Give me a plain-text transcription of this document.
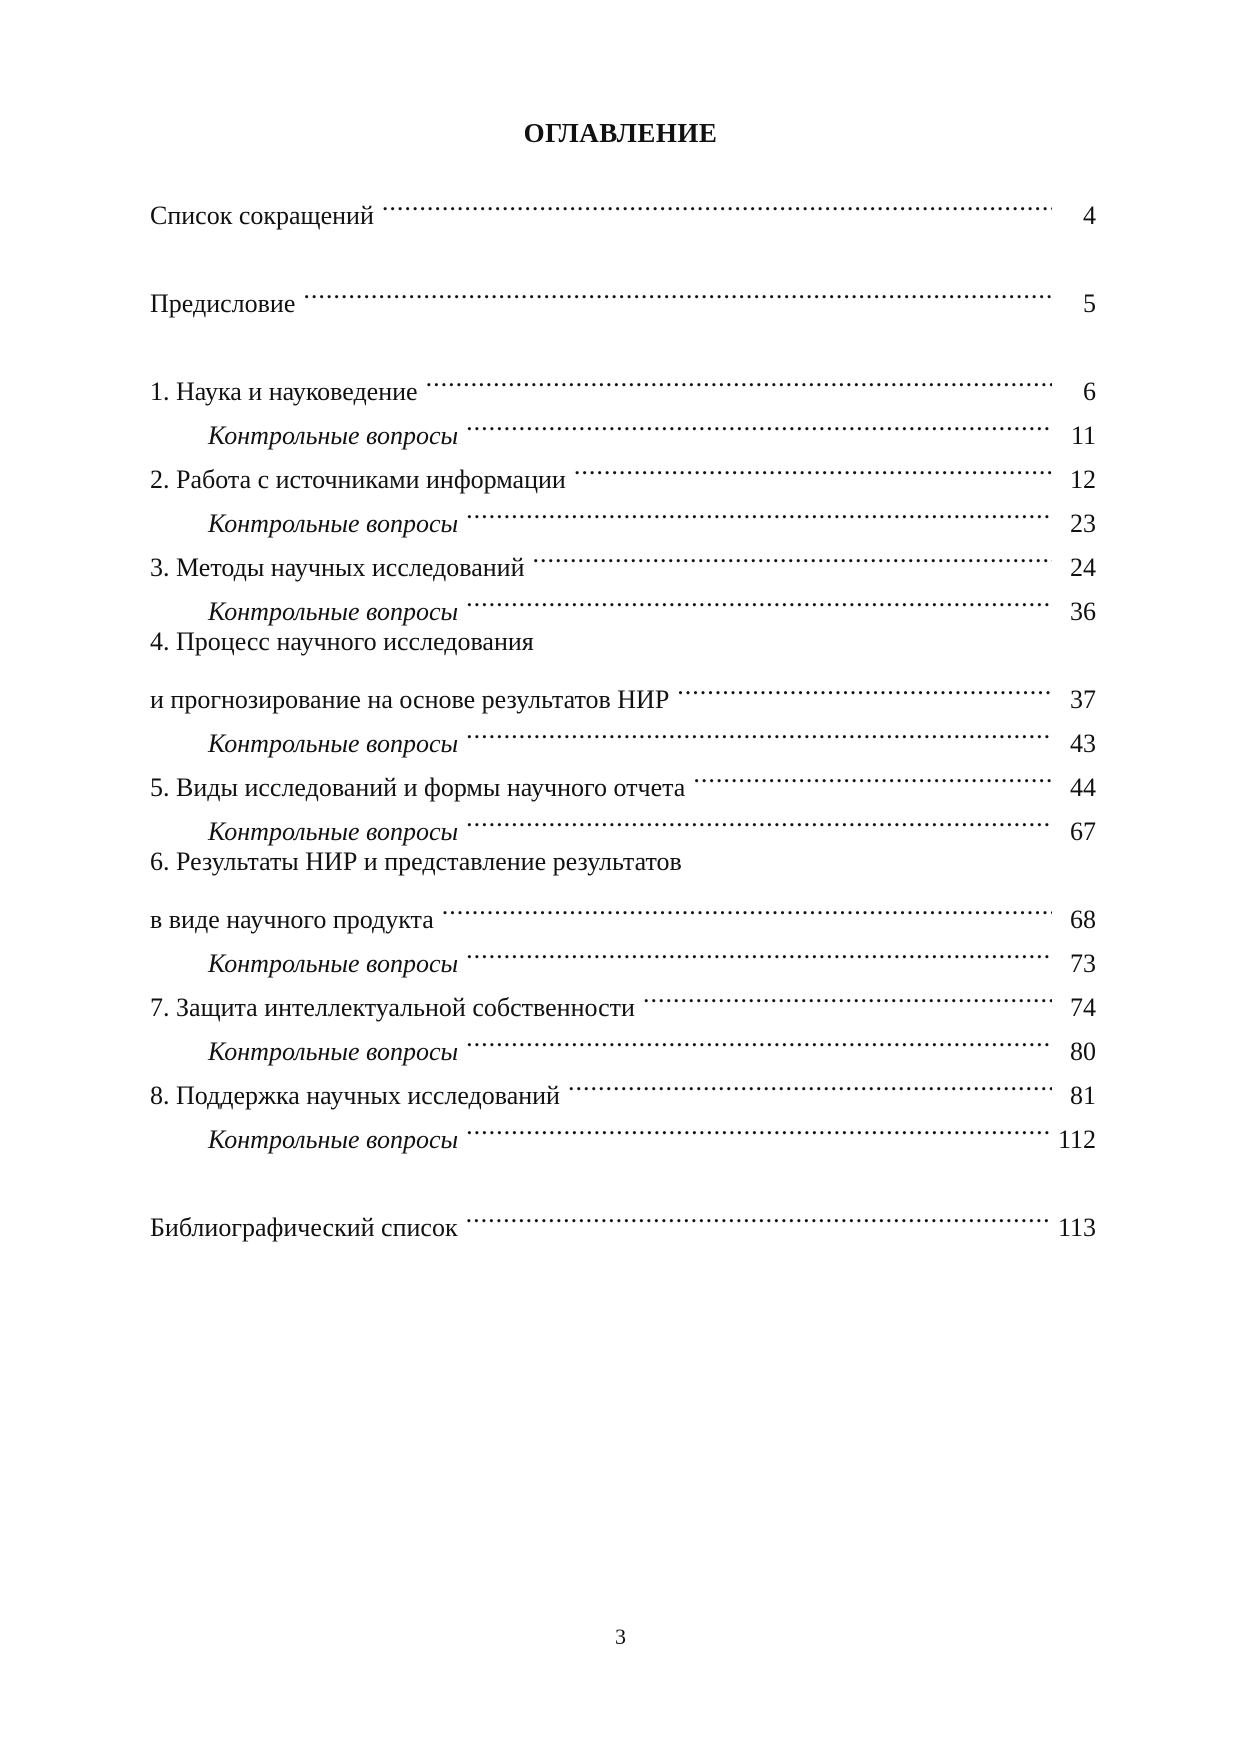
ОГЛАВЛЕНИЕ
Список сокращений .....	4
Предисловие .....	5
1. Наука и науковедение .....	6
Контрольные вопросы .....	11
2. Работа с источниками информации .....	12
Контрольные вопросы .....	23
3. Методы научных исследований .....	24
Контрольные вопросы .....	36
4. Процесс научного исследования
и прогнозирование на основе результатов НИР .....	37
Контрольные вопросы .....	43
5. Виды исследований и формы научного отчета .....	44
Контрольные вопросы .....	67
6. Результаты НИР и представление результатов
в виде научного продукта .....	68
Контрольные вопросы .....	73
7. Защита интеллектуальной собственности .....	74
Контрольные вопросы .....	80
8. Поддержка научных исследований .....	81
Контрольные вопросы .....	112
Библиографический список .....	113
3
